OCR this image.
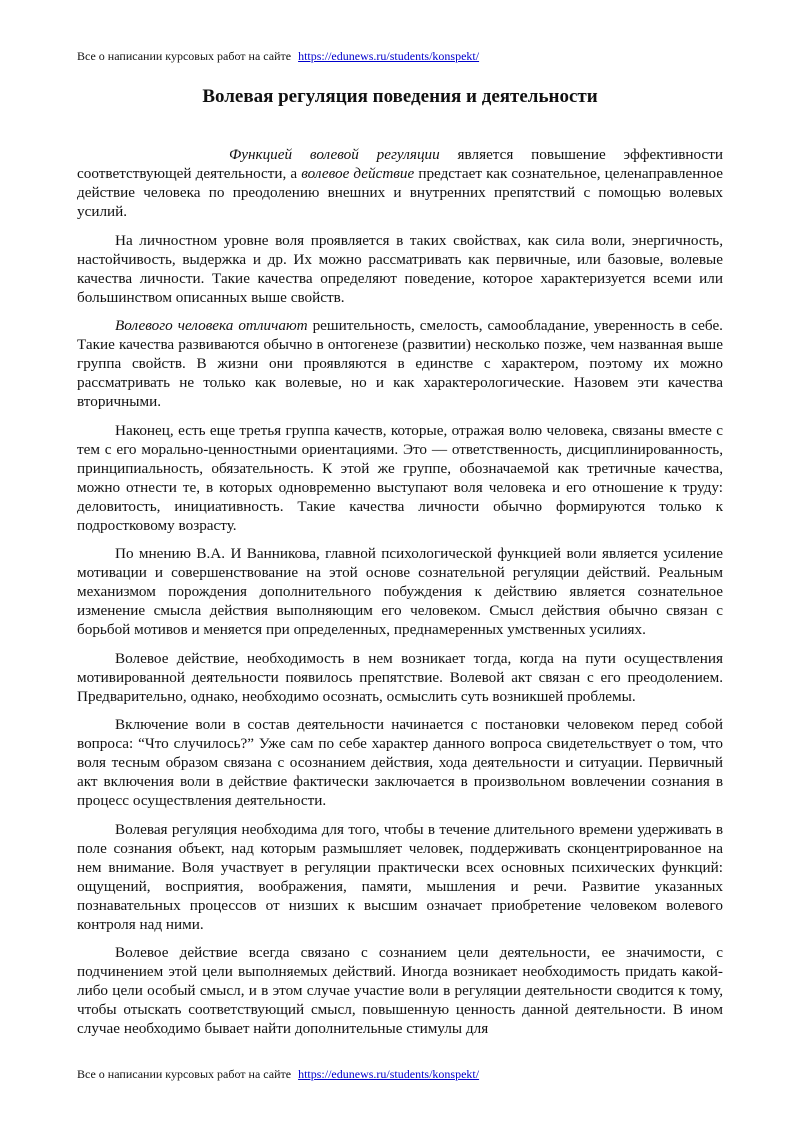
Все о написании курсовых работ на сайте https://edunews.ru/students/konspekt/
Волевая регуляция поведения и деятельности

Функцией волевой регуляции является повышение эффективности соответствующей деятельности, а волевое действие предстает как сознательное, целенаправленное действие человека по преодолению внешних и внутренних препятствий с помощью волевых усилий.

На личностном уровне воля проявляется в таких свойствах, как сила воли, энергичность, настойчивость, выдержка и др. Их можно рассматривать как первичные, или базовые, волевые качества личности. Такие качества определяют поведение, которое характеризуется всеми или большинством описанных выше свойств.

Волевого человека отличают решительность, смелость, самообладание, уверенность в себе. Такие качества развиваются обычно в онтогенезе (развитии) несколько позже, чем названная выше группа свойств. В жизни они проявляются в единстве с характером, поэтому их можно рассматривать не только как волевые, но и как характерологические. Назовем эти качества вторичными.

Наконец, есть еще третья группа качеств, которые, отражая волю человека, связаны вместе с тем с его морально-ценностными ориентациями. Это — ответственность, дисциплинированность, принципиальность, обязательность. К этой же группе, обозначаемой как третичные качества, можно отнести те, в которых одновременно выступают воля человека и его отношение к труду: деловитость, инициативность. Такие качества личности обычно формируются только к подростковому возрасту.

По мнению В.А. И Ванникова, главной психологической функцией воли является усиление мотивации и совершенствование на этой основе сознательной регуляции действий. Реальным механизмом порождения дополнительного побуждения к действию является сознательное изменение смысла действия выполняющим его человеком. Смысл действия обычно связан с борьбой мотивов и меняется при определенных, преднамеренных умственных усилиях.

Волевое действие, необходимость в нем возникает тогда, когда на пути осуществления мотивированной деятельности появилось препятствие. Волевой акт связан с его преодолением. Предварительно, однако, необходимо осознать, осмыслить суть возникшей проблемы.

Включение воли в состав деятельности начинается с постановки человеком перед собой вопроса: “Что случилось?” Уже сам по себе характер данного вопроса свидетельствует о том, что воля тесным образом связана с осознанием действия, хода деятельности и ситуации. Первичный акт включения воли в действие фактически заключается в произвольном вовлечении сознания в процесс осуществления деятельности.

Волевая регуляция необходима для того, чтобы в течение длительного времени удерживать в поле сознания объект, над которым размышляет человек, поддерживать сконцентрированное на нем внимание. Воля участвует в регуляции практически всех основных психических функций: ощущений, восприятия, воображения, памяти, мышления и речи. Развитие указанных познавательных процессов от низших к высшим означает приобретение человеком волевого контроля над ними.

Волевое действие всегда связано с сознанием цели деятельности, ее значимости, с подчинением этой цели выполняемых действий. Иногда возникает необходимость придать какой-либо цели особый смысл, и в этом случае участие воли в регуляции деятельности сводится к тому, чтобы отыскать соответствующий смысл, повышенную ценность данной деятельности. В ином случае необходимо бывает найти дополнительные стимулы для

Все о написании курсовых работ на сайте https://edunews.ru/students/konspekt/
